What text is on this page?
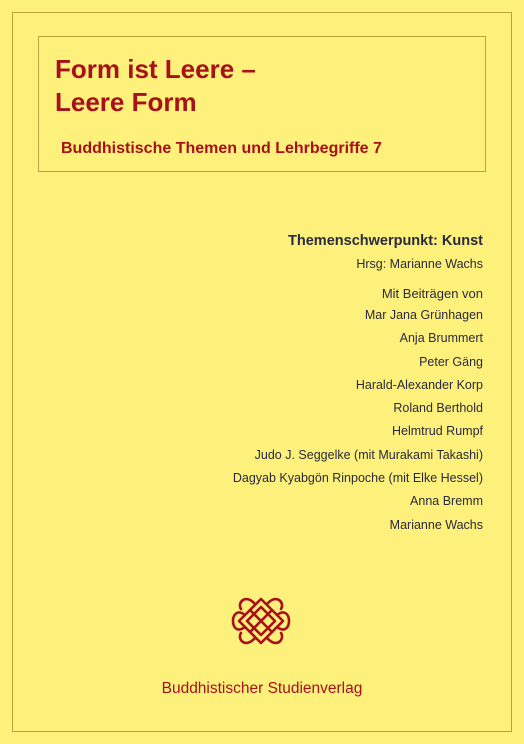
Form ist Leere –
Leere Form

Buddhistische Themen und Lehrbegriffe 7

Themenschwerpunkt: Kunst

Hrsg: Marianne Wachs

Mit Beiträgen von

Mar Jana Grünhagen
Anja Brummert
Peter Gäng
Harald-Alexander Korp
Roland Berthold
Helmtrud Rumpf
Judo J. Seggelke (mit Murakami Takashi)
Dagyab Kyabgön Rinpoche (mit Elke Hessel)
Anna Bremm
Marianne Wachs

Buddhistischer Studienverlag
